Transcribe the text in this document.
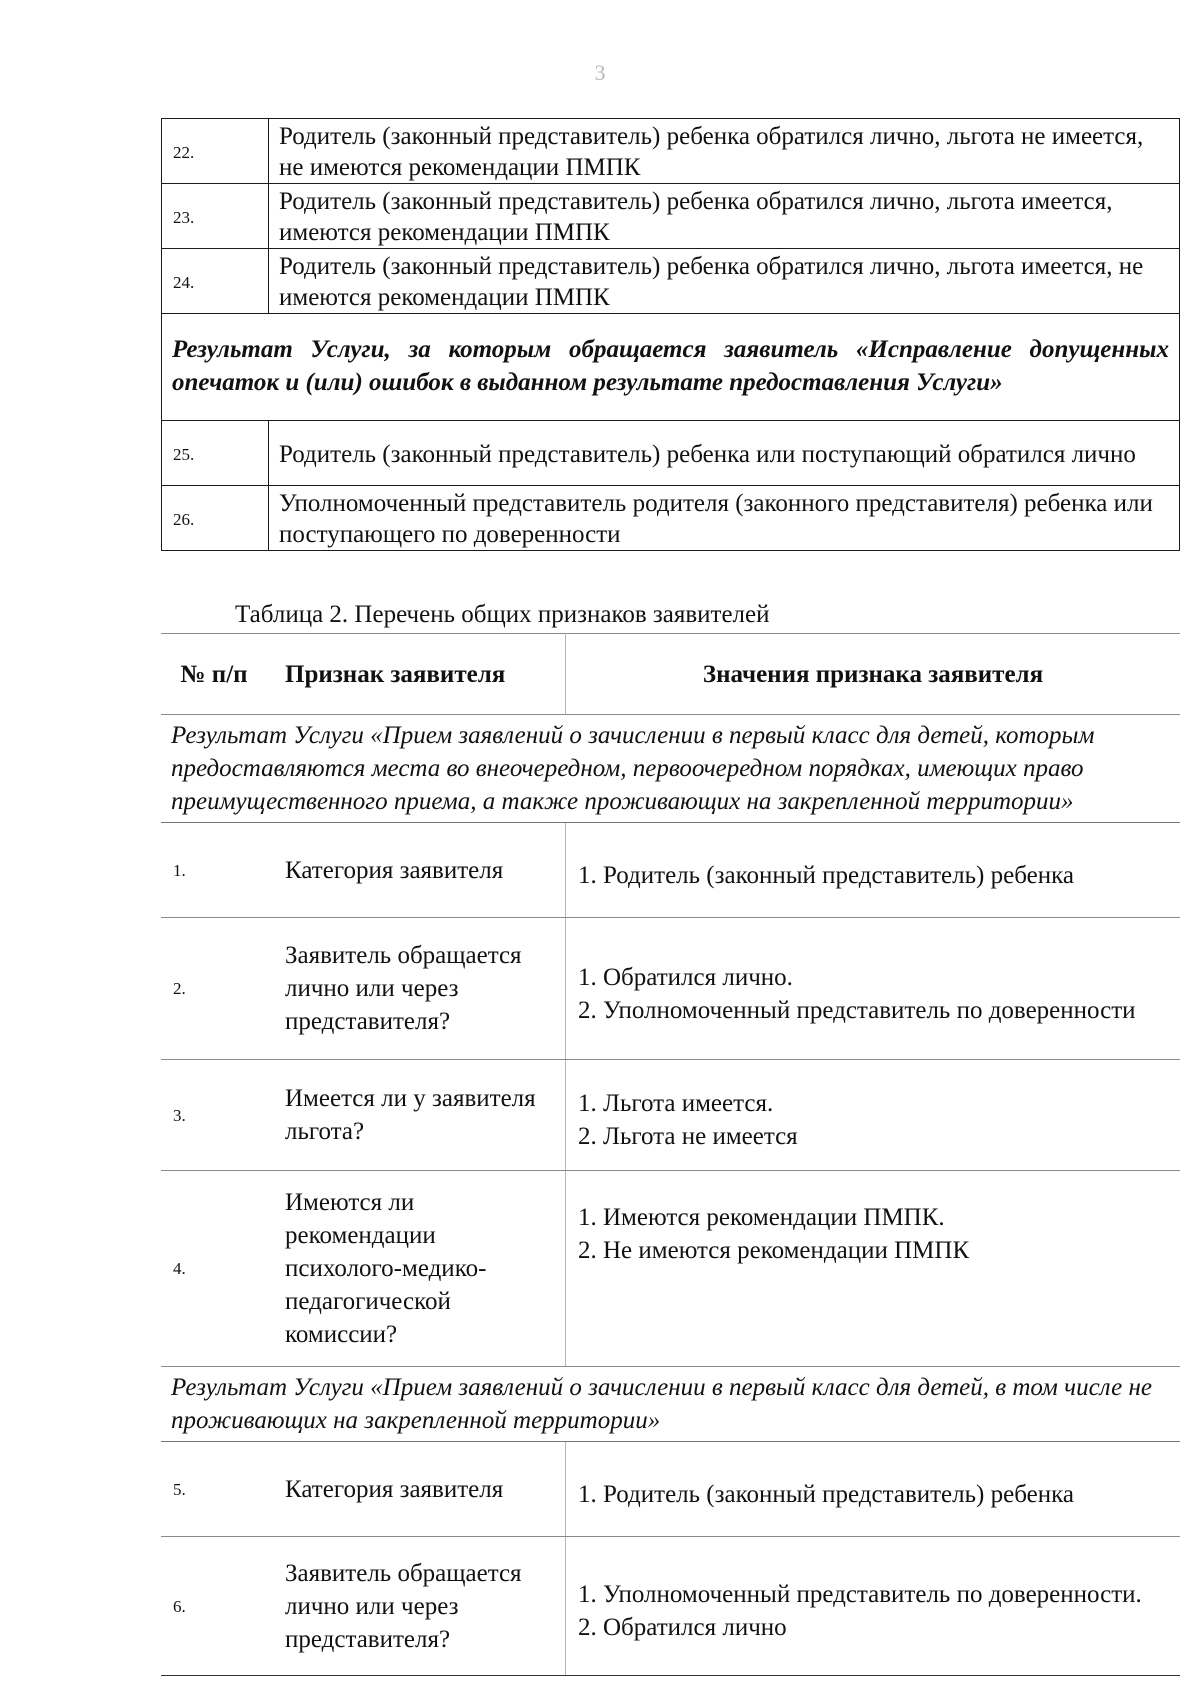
3
22.	Родитель (законный представитель) ребенка обратился лично, льгота не имеется, не имеются рекомендации ПМПК
23.	Родитель (законный представитель) ребенка обратился лично, льгота имеется, имеются рекомендации ПМПК
24.	Родитель (законный представитель) ребенка обратился лично, льгота имеется, не имеются рекомендации ПМПК
Результат Услуги, за которым обращается заявитель «Исправление допущенных опечаток и (или) ошибок в выданном результате предоставления Услуги»	
25.	Родитель (законный представитель) ребенка или поступающий обратился лично
26.	Уполномоченный представитель родителя (законного представителя) ребенка или поступающего по доверенности
Таблица 2. Перечень общих признаков заявителей
№ п/п	Признак заявителя	Значения признака заявителя
Результат Услуги «Прием заявлений о зачислении в первый класс для детей, которым предоставляются места во внеочередном, первоочередном порядках, имеющих право преимущественного приема, а также проживающих на закрепленной территории»		
1.	Категория заявителя	1. Родитель (законный представитель) ребенка

2.	Заявитель обращается лично или через представителя?	1. Обратился лично.
2. Уполномоченный представитель по доверенности

3.	Имеется ли у заявителя льгота?	1. Льгота имеется.
2. Льгота не имеется

4.	Имеются ли рекомендации психолого-медико-педагогической комиссии?	1. Имеются рекомендации ПМПК.
2. Не имеются рекомендации ПМПК

Результат Услуги «Прием заявлений о зачислении в первый класс для детей, в том числе не проживающих на закрепленной территории»		
5.	Категория заявителя	1. Родитель (законный представитель) ребенка

6.	Заявитель обращается лично или через представителя?	1. Уполномоченный представитель по доверенности.
2. Обратился лично
